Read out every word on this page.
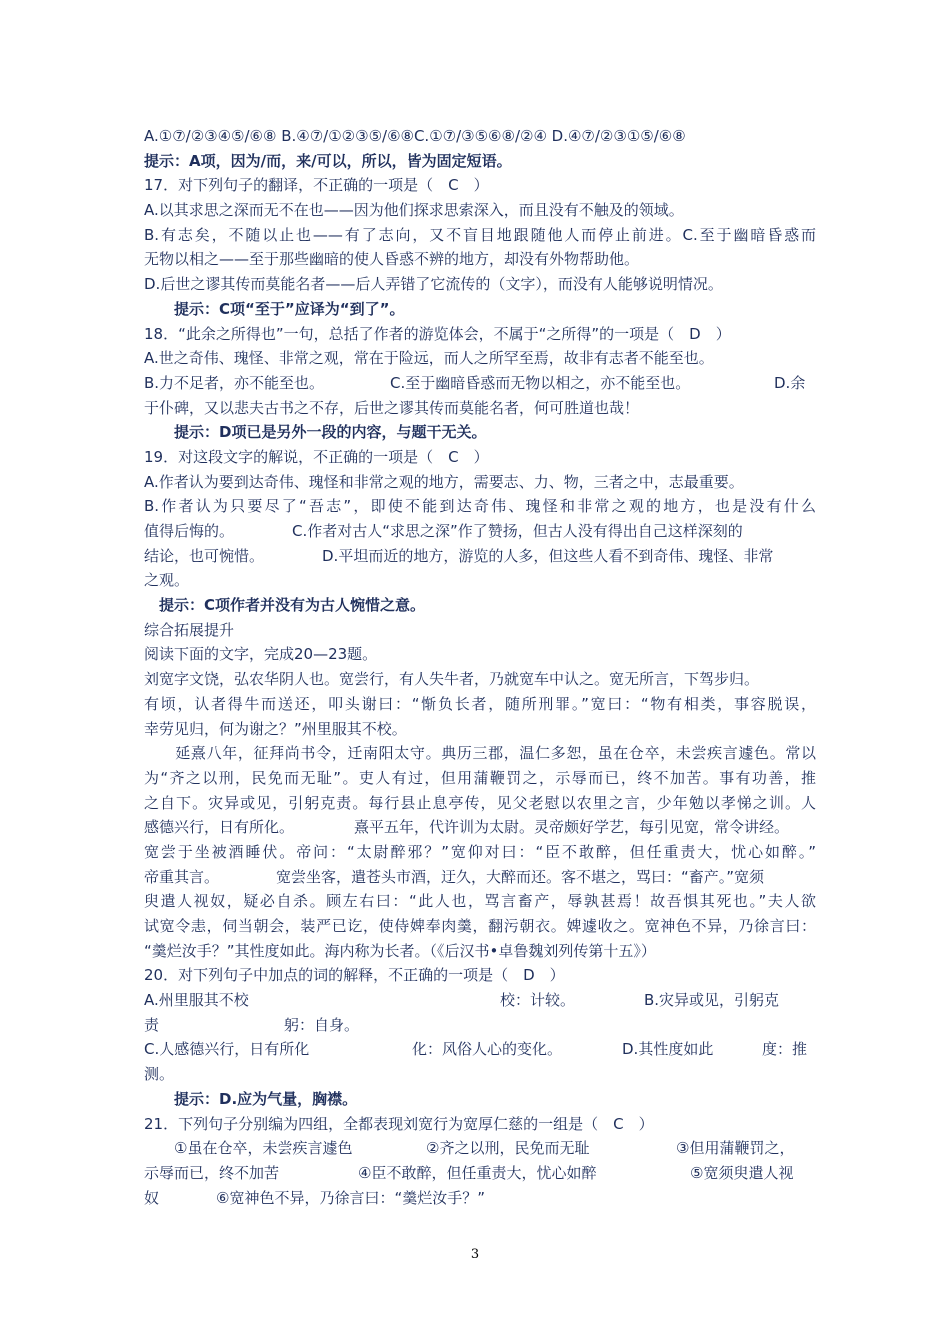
A.①⑦/②③④⑤/⑥⑧ B.④⑦/①②③⑤/⑥⑧C.①⑦/③⑤⑥⑧/②④ D.④⑦/②③①⑤/⑥⑧
提示：A项，因为/而，来/可以，所以，皆为固定短语。
17．对下列句子的翻译，不正确的一项是（　C　）
A.以其求思之深而无不在也——因为他们探求思索深入，而且没有不触及的领域。
B.有志矣，不随以止也——有了志向，又不盲目地跟随他人而停止前进。C.至于幽暗昏惑而
无物以相之——至于那些幽暗的使人昏惑不辨的地方，却没有外物帮助他。
D.后世之谬其传而莫能名者——后人弄错了它流传的（文字），而没有人能够说明情况。
　　提示：C项“至于”应译为“到了”。
18．“此余之所得也”一句，总括了作者的游览体会，不属于“之所得”的一项是（　D　）
A.世之奇伟、瑰怪、非常之观，常在于险远，而人之所罕至焉，故非有志者不能至也。
B.力不足者，亦不能至也。	C.至于幽暗昏惑而无物以相之，亦不能至也。	D.余
于仆碑，又以悲夫古书之不存，后世之谬其传而莫能名者，何可胜道也哉！
　　提示：D项已是另外一段的内容，与题干无关。
19．对这段文字的解说，不正确的一项是（　C　）
A.作者认为要到达奇伟、瑰怪和非常之观的地方，需要志、力、物，三者之中，志最重要。
B.作者认为只要尽了“吾志”，即使不能到达奇伟、瑰怪和非常之观的地方，也是没有什么
值得后悔的。	C.作者对古人“求思之深”作了赞扬，但古人没有得出自己这样深刻的
结论，也可惋惜。	D.平坦而近的地方，游览的人多，但这些人看不到奇伟、瑰怪、非常
之观。
　提示：C项作者并没有为古人惋惜之意。
综合拓展提升
阅读下面的文字，完成20—23题。
刘宽字文饶，弘农华阴人也。宽尝行，有人失牛者，乃就宽车中认之。宽无所言，下驾步归。
有顷，认者得牛而送还，叩头谢曰：“惭负长者，随所刑罪。”宽曰：“物有相类，事容脱误，
幸劳见归，何为谢之？”州里服其不校。
　　延熹八年，征拜尚书令，迁南阳太守。典历三郡，温仁多恕，虽在仓卒，未尝疾言遽色。常以
为“齐之以刑，民免而无耻”。吏人有过，但用蒲鞭罚之，示辱而已，终不加苦。事有功善，推
之自下。灾异或见，引躬克责。每行县止息亭传，见父老慰以农里之言，少年勉以孝悌之训。人
感德兴行，日有所化。	熹平五年，代许训为太尉。灵帝颇好学艺，每引见宽，常令讲经。
宽尝于坐被酒睡伏。帝问：“太尉醉邪？”宽仰对曰：“臣不敢醉，但任重责大，忧心如醉。”
帝重其言。	宽尝坐客，遣苍头市酒，迂久，大醉而还。客不堪之，骂曰：“畜产。”宽须
臾遣人视奴，疑必自杀。顾左右曰：“此人也，骂言畜产，辱孰甚焉！故吾惧其死也。”夫人欲
试宽令恚，伺当朝会，装严已讫，使侍婢奉肉羹，翻污朝衣。婢遽收之。宽神色不异，乃徐言曰：
“羹烂汝手？”其性度如此。海内称为长者。（《后汉书•卓鲁魏刘列传第十五》）
20．对下列句子中加点的词的解释，不正确的一项是（　D　）
A.州里服其不校	校：计较。	B.灾异或见，引躬克
责	躬：自身。
C.人感德兴行，日有所化	化：风俗人心的变化。	D.其性度如此	度：推
测。
　　提示：D.应为气量，胸襟。
21．下列句子分别编为四组，全都表现刘宽行为宽厚仁慈的一组是（　C　）
①虽在仓卒，未尝疾言遽色	②齐之以刑，民免而无耻	③但用蒲鞭罚之，
示辱而已，终不加苦	④臣不敢醉，但任重责大，忧心如醉	⑤宽须臾遣人视
奴	⑥宽神色不异，乃徐言曰：“羹烂汝手？”
3
